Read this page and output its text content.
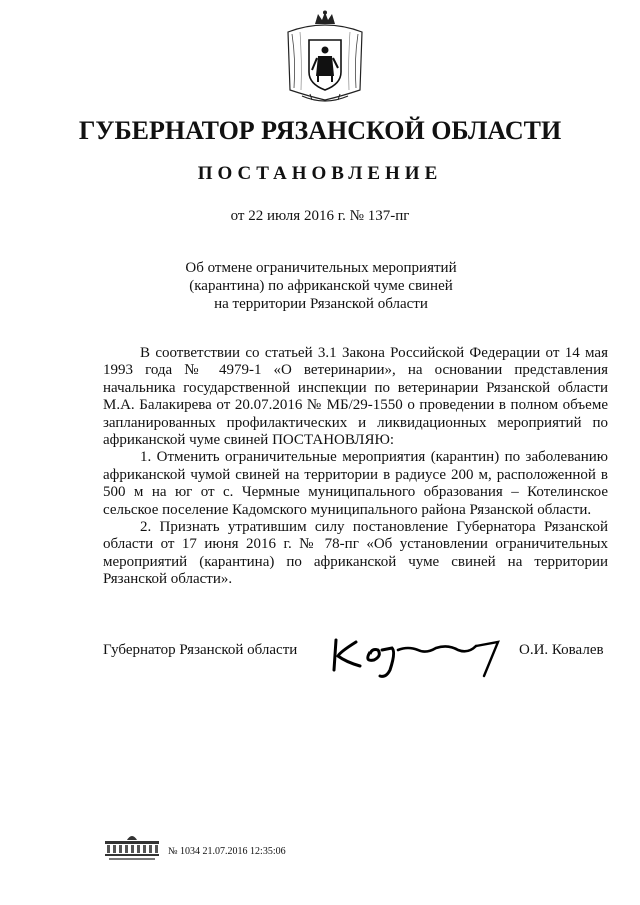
ГУБЕРНАТОР РЯЗАНСКОЙ ОБЛАСТИ
ПОСТАНОВЛЕНИЕ
от 22 июля 2016 г. № 137-пг
Об отмене ограничительных мероприятий
(карантина) по африканской чуме свиней
на территории Рязанской области

В соответствии со статьей 3.1 Закона Российской Федерации от 14 мая 1993 года № 4979-1 «О ветеринарии», на основании представления начальника государственной инспекции по ветеринарии Рязанской области М.А. Балакирева от 20.07.2016 № МБ/29-1550 о проведении в полном объеме запланированных профилактических и ликвидационных мероприятий по африканской чуме свиней ПОСТАНОВЛЯЮ:

1. Отменить ограничительные мероприятия (карантин) по заболеванию африканской чумой свиней на территории в радиусе 200 м, расположенной в 500 м на юг от с. Чермные муниципального образования – Котелинское сельское поселение Кадомского муниципального района Рязанской области.

2. Признать утратившим силу постановление Губернатора Рязанской области от 17 июня 2016 г. № 78-пг «Об установлении ограничительных мероприятий (карантина) по африканской чуме свиней на территории Рязанской области».

Губернатор Рязанской области	О.И. Ковалев
№ 1034 21.07.2016 12:35:06
